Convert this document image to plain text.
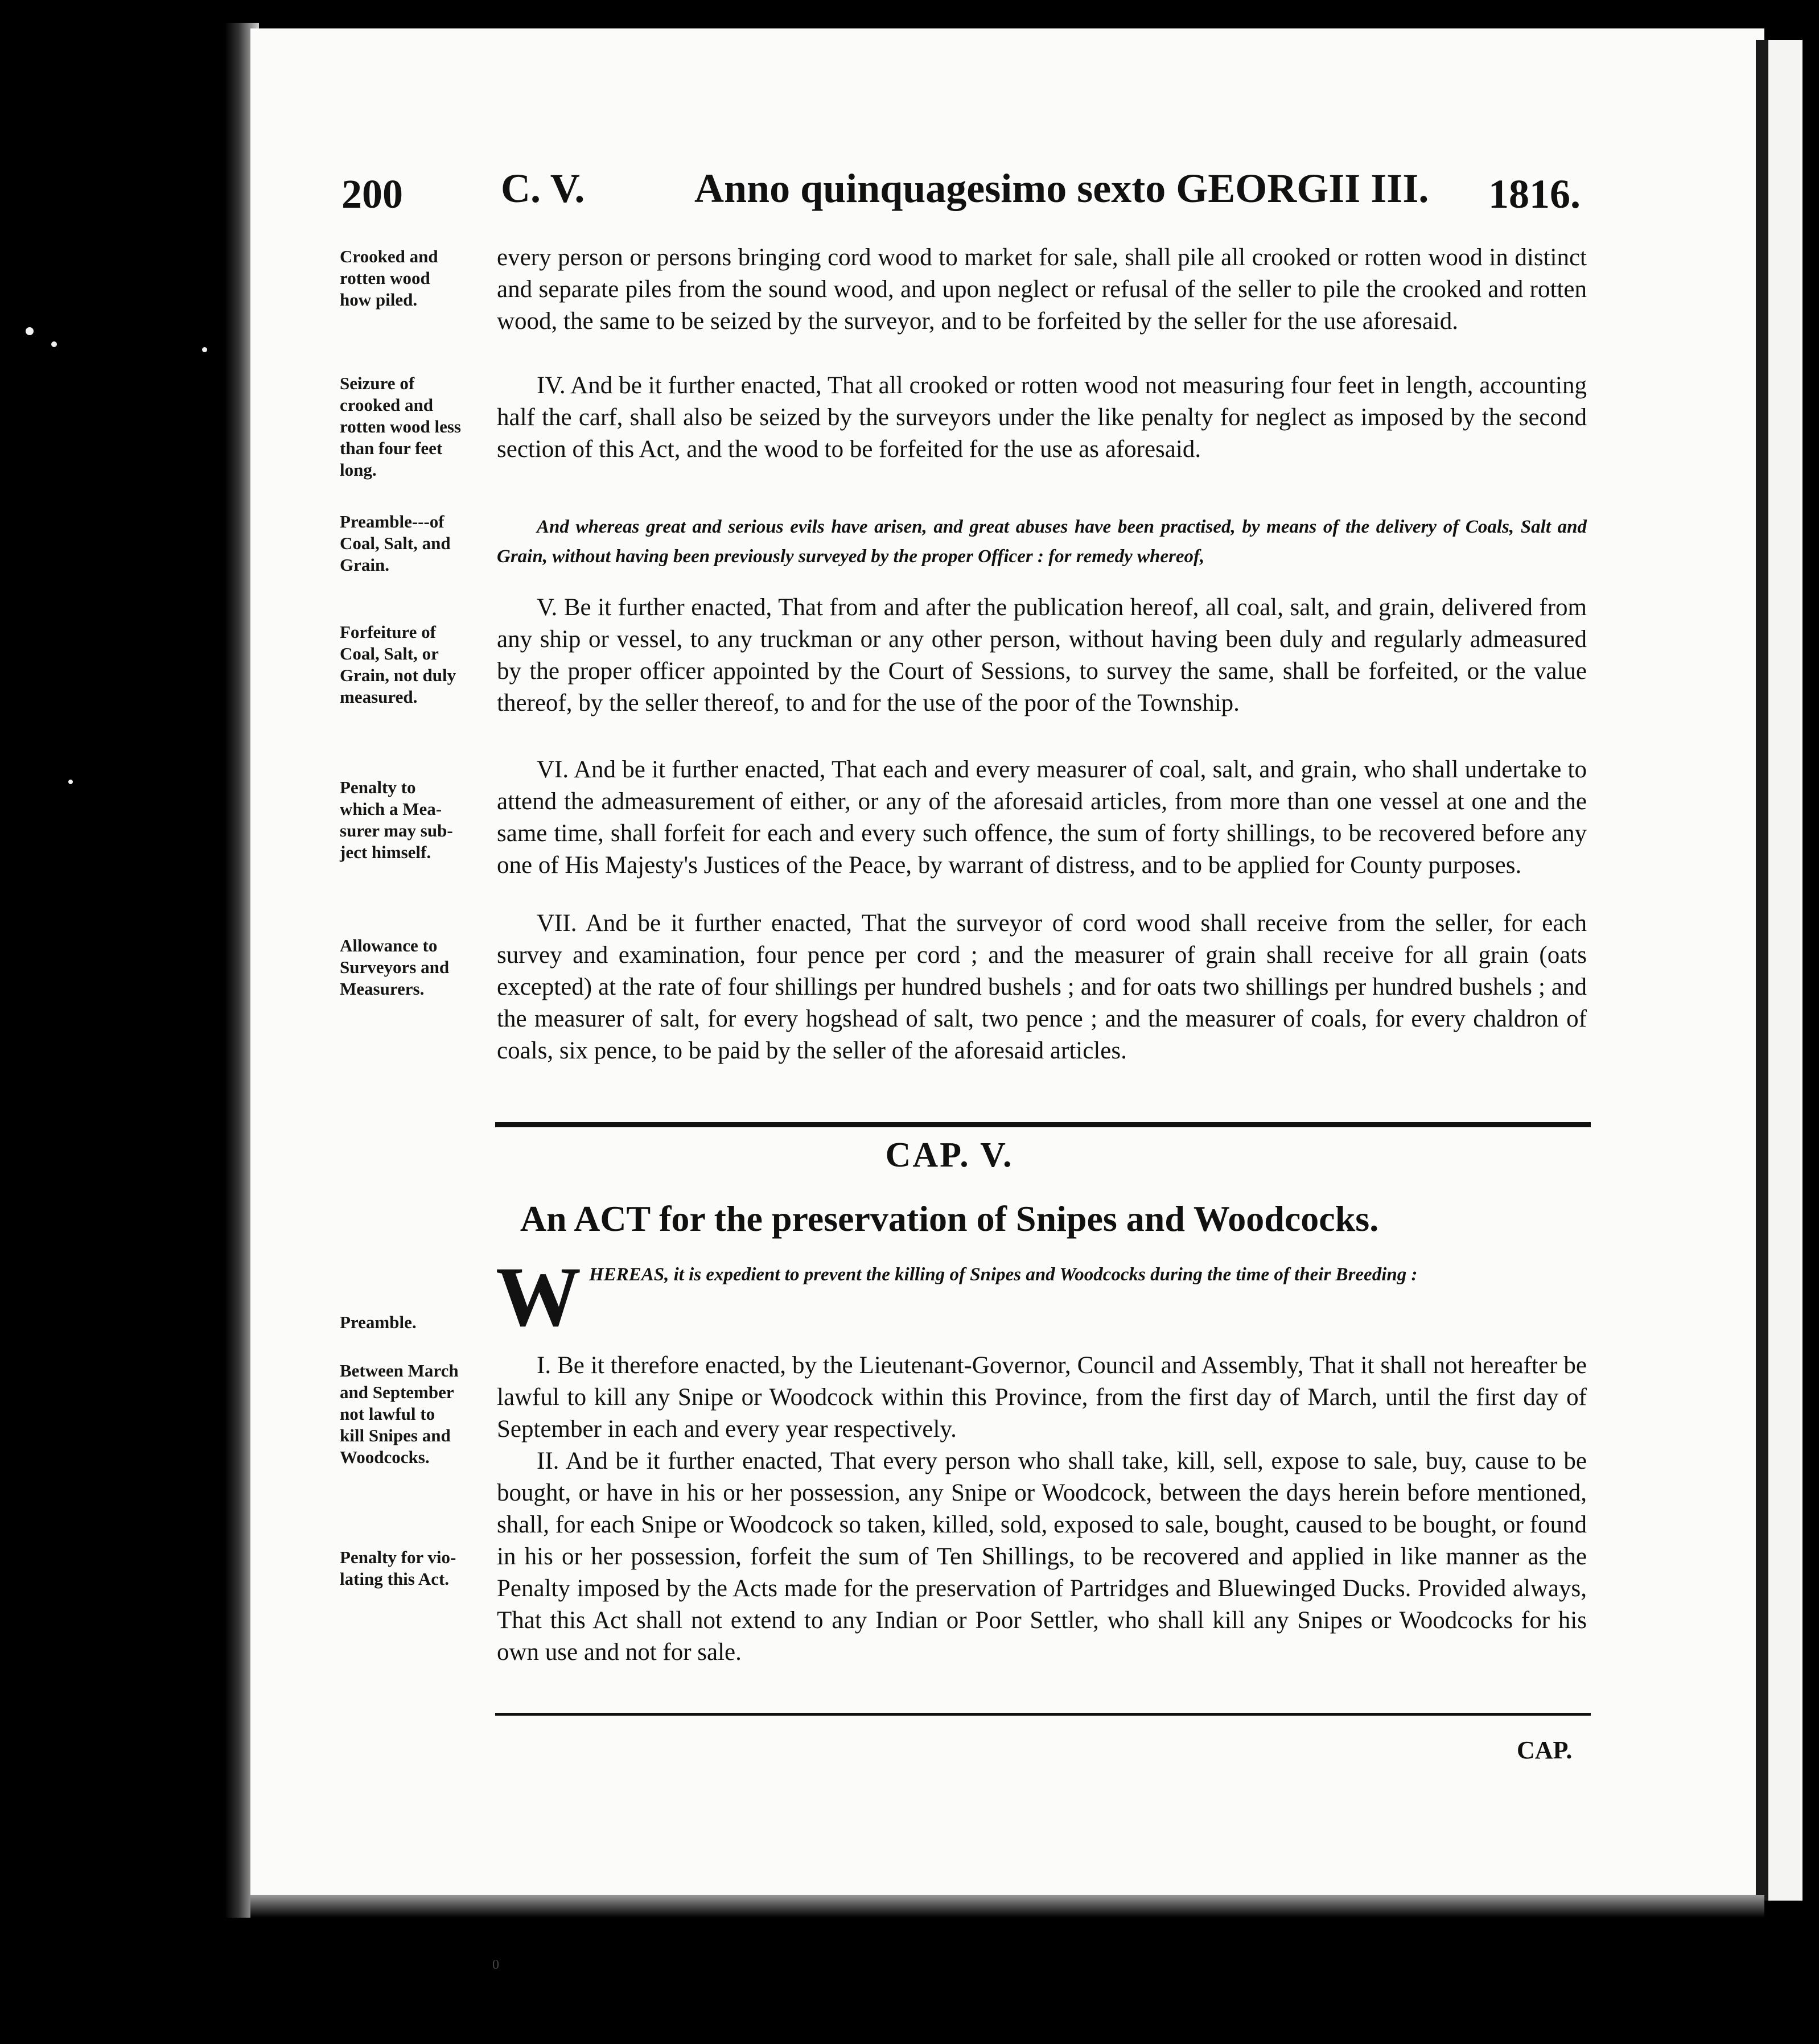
200 C. V.	Anno quinquagesimo sexto GEORGII III. 1816.
Crooked and
rotten wood
how piled.
Seizure of
crooked and
rotten wood less
than four feet
long.
Preamble---of
Coal, Salt, and
Grain.
Forfeiture of
Coal, Salt, or
Grain, not duly
measured.
Penalty to
which a Mea-
surer may sub-
ject himself.
Allowance to
Surveyors and
Measurers.
Preamble.
Between March
and September
not lawful to
kill Snipes and
Woodcocks.
Penalty for vio-
lating this Act.
every person or persons bringing cord wood to market for sale, shall pile all crooked or rotten wood in distinct and separate piles from the sound wood, and upon neglect or refusal of the seller to pile the crooked and rotten wood, the same to be seized by the surveyor, and to be forfeited by the seller for the use aforesaid.
IV. And be it further enacted, That all crooked or rotten wood not measuring four feet in length, accounting half the carf, shall also be seized by the surveyors under the like penalty for neglect as imposed by the second section of this Act, and the wood to be forfeited for the use as aforesaid.
And whereas great and serious evils have arisen, and great abuses have been practised, by means of the delivery of Coals, Salt and Grain, without having been previously surveyed by the proper Officer : for remedy whereof,
V. Be it further enacted, That from and after the publication hereof, all coal, salt, and grain, delivered from any ship or vessel, to any truckman or any other person, without having been duly and regularly admeasured by the proper officer appointed by the Court of Sessions, to survey the same, shall be forfeited, or the value thereof, by the seller thereof, to and for the use of the poor of the Township.
VI. And be it further enacted, That each and every measurer of coal, salt, and grain, who shall undertake to attend the admeasurement of either, or any of the aforesaid articles, from more than one vessel at one and the same time, shall forfeit for each and every such offence, the sum of forty shillings, to be recovered before any one of His Majesty's Justices of the Peace, by warrant of distress, and to be applied for County purposes.
VII. And be it further enacted, That the surveyor of cord wood shall receive from the seller, for each survey and examination, four pence per cord ; and the measurer of grain shall receive for all grain (oats excepted) at the rate of four shillings per hundred bushels ; and for oats two shillings per hundred bushels ; and the measurer of salt, for every hogshead of salt, two pence ; and the measurer of coals, for every chaldron of coals, six pence, to be paid by the seller of the aforesaid articles.
CAP. V.
An ACT for the preservation of Snipes and Woodcocks.
W HEREAS, it is expedient to prevent the killing of Snipes and Woodcocks during the time of their Breeding :
I. Be it therefore enacted, by the Lieutenant-Governor, Council and Assembly, That it shall not hereafter be lawful to kill any Snipe or Woodcock within this Province, from the first day of March, until the first day of September in each and every year respectively.
II. And be it further enacted, That every person who shall take, kill, sell, expose to sale, buy, cause to be bought, or have in his or her possession, any Snipe or Woodcock, between the days herein before mentioned, shall, for each Snipe or Woodcock so taken, killed, sold, exposed to sale, bought, caused to be bought, or found in his or her possession, forfeit the sum of Ten Shillings, to be recovered and applied in like manner as the Penalty imposed by the Acts made for the preservation of Partridges and Bluewinged Ducks. Provided always, That this Act shall not extend to any Indian or Poor Settler, who shall kill any Snipes or Woodcocks for his own use and not for sale.
CAP.
0
